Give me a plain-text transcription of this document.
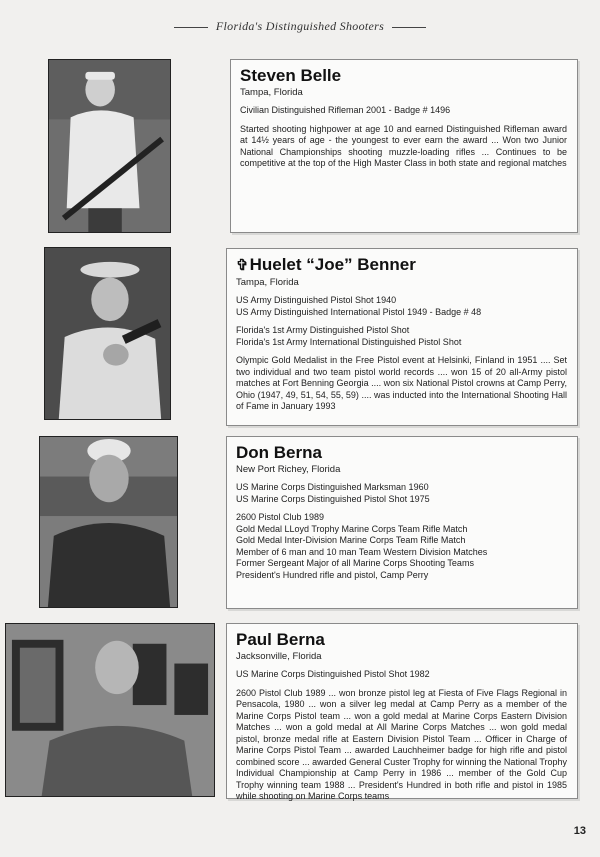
Florida's Distinguished Shooters
Steven Belle
Tampa, Florida
Civilian Distinguished Rifleman 2001 - Badge # 1496
Started shooting highpower at age 10 and earned Distinguished Rifleman award at 14½ years of age - the youngest to ever earn the award ... Won two Junior National Championships shooting muzzle-loading rifles ... Continues to be competitive at the top of the High Master Class in both state and regional matches
✞Huelet “Joe” Benner
Tampa, Florida
US Army Distinguished Pistol Shot 1940
US Army Distinguished International Pistol 1949 - Badge # 48
Florida's 1st Army Distinguished Pistol Shot
Florida's 1st Army International Distinguished Pistol Shot
Olympic Gold Medalist in the Free Pistol event at Helsinki, Finland in 1951 .... Set two individual and two team pistol world records .... won 15 of 20 all-Army pistol matches at Fort Benning Georgia .... won six National Pistol crowns at Camp Perry, Ohio (1947, 49, 51, 54, 55, 59) .... was inducted into the International Shooting Hall of Fame in January 1993
Don Berna
New Port Richey, Florida
US Marine Corps Distinguished Marksman 1960
US Marine Corps Distinguished Pistol Shot 1975
2600 Pistol Club 1989
Gold Medal LLoyd Trophy Marine Corps Team Rifle Match
Gold Medal Inter-Division Marine Corps Team Rifle Match
Member of 6 man and 10 man Team Western Division Matches
Former Sergeant Major of all Marine Corps Shooting Teams
President's Hundred rifle and pistol, Camp Perry
Paul Berna
Jacksonville, Florida
US Marine Corps Distinguished Pistol Shot 1982
2600 Pistol Club 1989 ... won bronze pistol leg at Fiesta of Five Flags Regional in Pensacola, 1980 ... won a silver leg medal at Camp Perry as a member of the Marine Corps Pistol team ... won a gold medal at Marine Corps Eastern Division Matches ... won a gold medal at All Marine Corps Matches ... won gold medal pistol, bronze medal rifle at Eastern Division Pistol Team ... Officer in Charge of Marine Corps Pistol Team ... awarded Lauchheimer badge for high rifle and pistol combined score ... awarded General Custer Trophy for winning the National Trophy Individual Championship at Camp Perry in 1986 ... member of the Gold Cup Trophy winning team 1988 ... President's Hundred in both rifle and pistol in 1985 while shooting on Marine Corps teams
13
